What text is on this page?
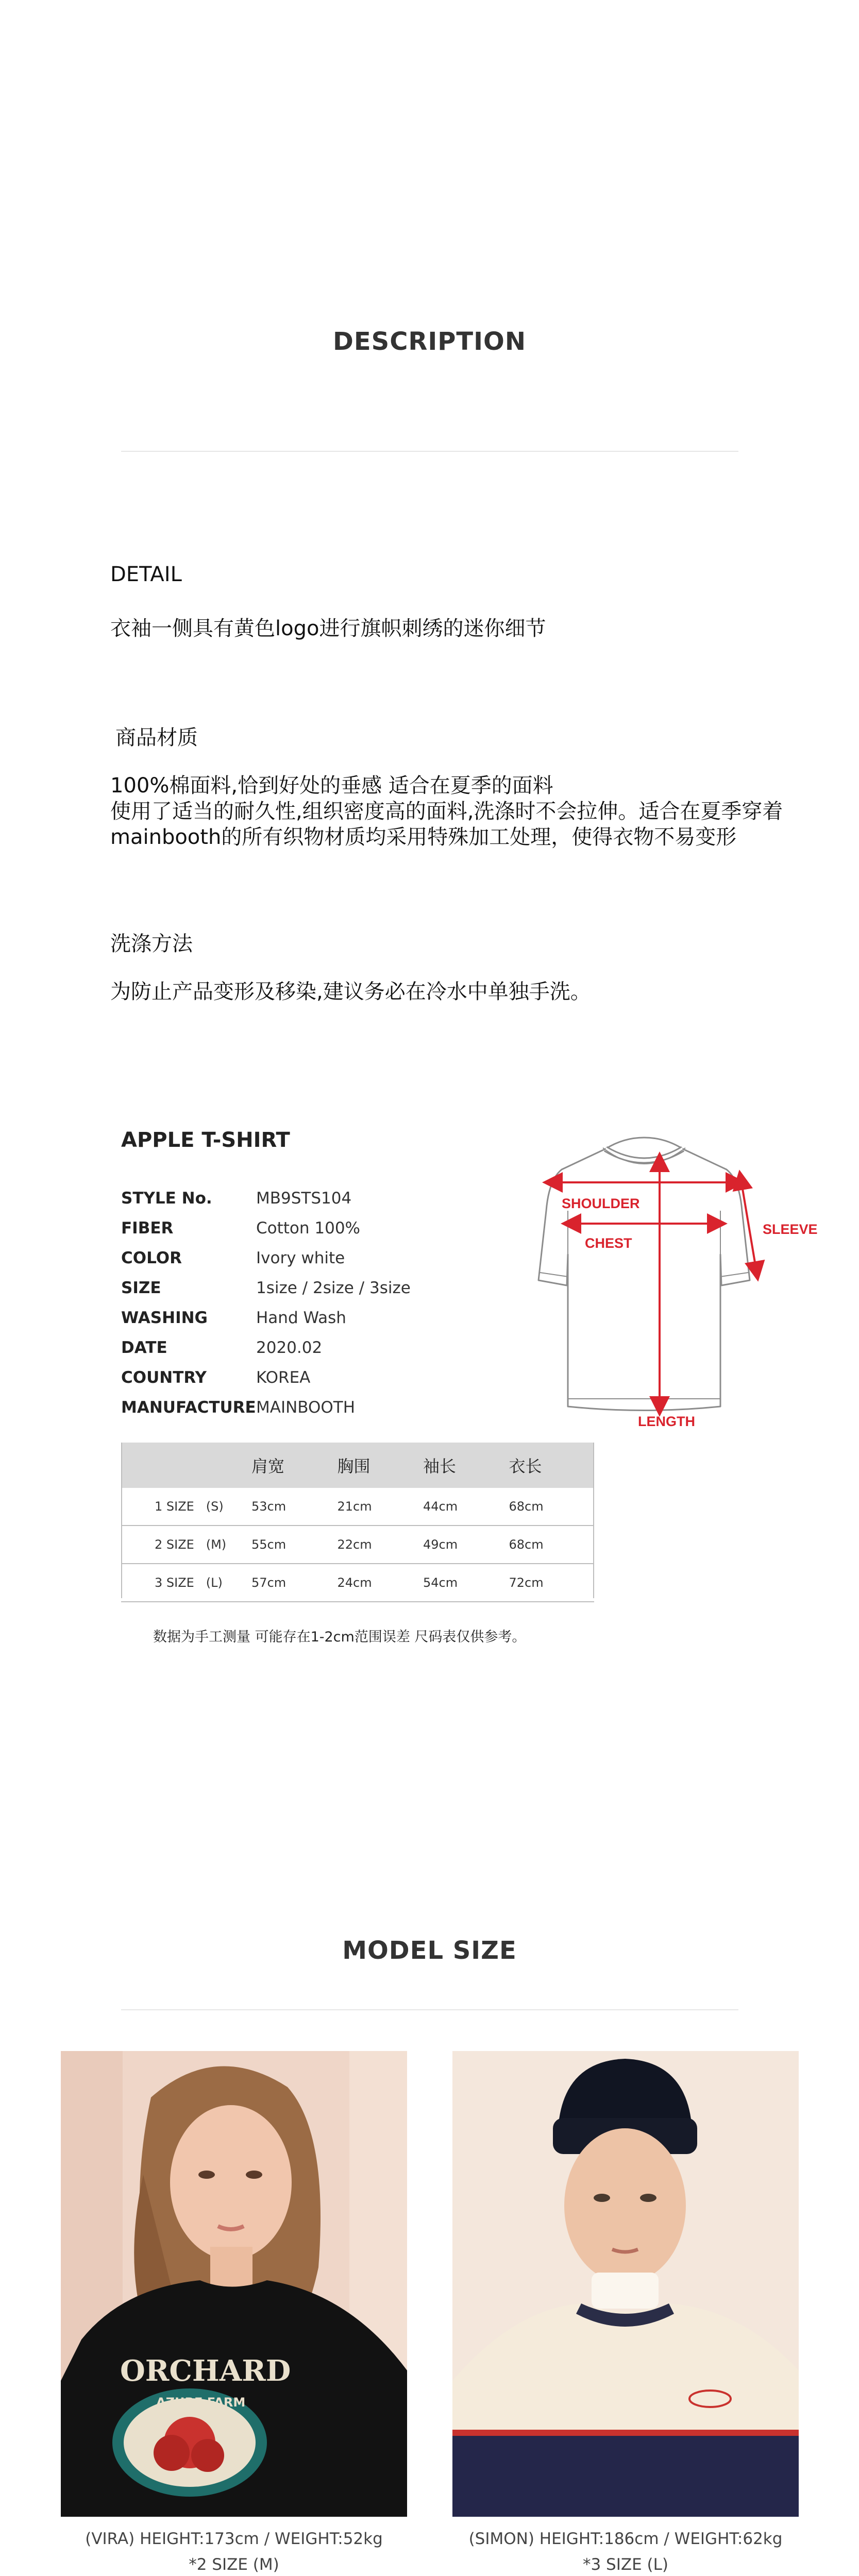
DESCRIPTION
DETAIL
衣袖一侧具有黄色logo进行旗帜刺绣的迷你细节
商品材质
100%棉面料,恰到好处的垂感 适合在夏季的面料
使用了适当的耐久性,组织密度高的面料,洗涤时不会拉伸。适合在夏季穿着
mainbooth的所有织物材质均采用特殊加工处理，使得衣物不易变形
洗涤方法
为防止产品变形及移染,建议务必在冷水中单独手洗。
APPLE T-SHIRT
STYLE No.	MB9STS104
FIBER	Cotton 100%
COLOR	Ivory white
SIZE	1size / 2size / 3size
WASHING	Hand Wash
DATE	2020.02
COUNTRY	KOREA
MANUFACTURE MAINBOOTH
SHOULDER
CHEST
SLEEVE
LENGTH
	肩宽	胸围	袖长	衣长
1 SIZE (S)	53cm	21cm	44cm	68cm
2 SIZE (M)	55cm	22cm	49cm	68cm
3 SIZE (L)	57cm	24cm	54cm	72cm
数据为手工测量 可能存在1-2cm范围误差 尺码表仅供参考。
MODEL SIZE
ORCHARD
AZURE FARM
(VIRA) HEIGHT:173cm / WEIGHT:52kg
*2 SIZE (M)
(SIMON) HEIGHT:186cm / WEIGHT:62kg
*3 SIZE (L)
